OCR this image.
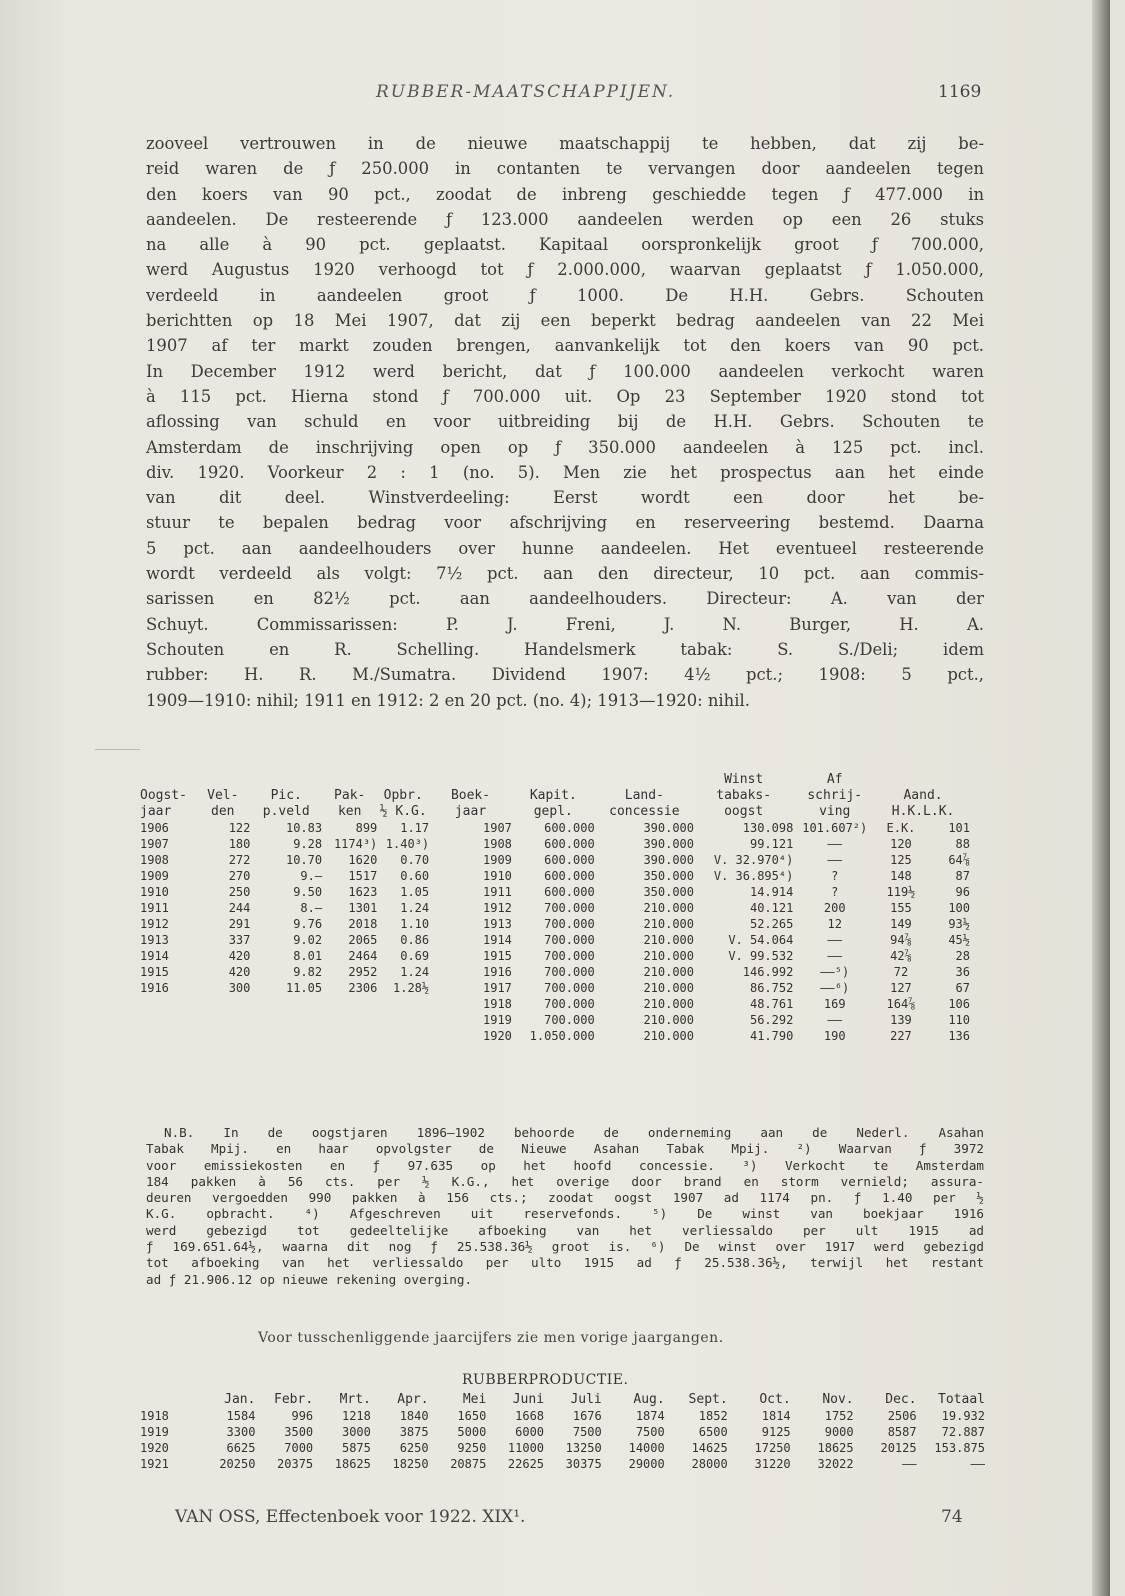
RUBBER-MAATSCHAPPIJEN.	1169
zooveel vertrouwen in de nieuwe maatschappij te hebben, dat zij be-
reid waren de ƒ 250.000 in contanten te vervangen door aandeelen tegen
den koers van 90 pct., zoodat de inbreng geschiedde tegen ƒ 477.000 in
aandeelen. De resteerende ƒ 123.000 aandeelen werden op een 26 stuks
na alle à 90 pct. geplaatst. Kapitaal oorspronkelijk groot ƒ 700.000,
werd Augustus 1920 verhoogd tot ƒ 2.000.000, waarvan geplaatst ƒ 1.050.000,
verdeeld in aandeelen groot ƒ 1000. De H.H. Gebrs. Schouten
berichtten op 18 Mei 1907, dat zij een beperkt bedrag aandeelen van 22 Mei
1907 af ter markt zouden brengen, aanvankelijk tot den koers van 90 pct.
In December 1912 werd bericht, dat ƒ 100.000 aandeelen verkocht waren
à 115 pct. Hierna stond ƒ 700.000 uit. Op 23 September 1920 stond tot
aflossing van schuld en voor uitbreiding bij de H.H. Gebrs. Schouten te
Amsterdam de inschrijving open op ƒ 350.000 aandeelen à 125 pct. incl.
div. 1920. Voorkeur 2 : 1 (no. 5). Men zie het prospectus aan het einde
van dit deel. Winstverdeeling: Eerst wordt een door het be-
stuur te bepalen bedrag voor afschrijving en reserveering bestemd. Daarna
5 pct. aan aandeelhouders over hunne aandeelen. Het eventueel resteerende
wordt verdeeld als volgt: 7½ pct. aan den directeur, 10 pct. aan commis-
sarissen en 82½ pct. aan aandeelhouders. Directeur: A. van der
Schuyt. Commissarissen: P. J. Freni, J. N. Burger, H. A.
Schouten en R. Schelling. Handelsmerk tabak: S. S./Deli; idem
rubber: H. R. M./Sumatra. Dividend 1907: 4½ pct.; 1908: 5 pct.,
1909—1910: nihil; 1911 en 1912: 2 en 20 pct. (no. 4); 1913—1920: nihil.
								Winst	Af		
Oogst-	Vel-	Pic.	Pak-	Opbr.	Boek-	Kapit.	Land-	tabaks-	schrij-	Aand.	
jaar	den	p.veld	ken	½ K.G.	jaar	gepl.	concessie	oogst	ving	H.K.L.K.	
1906	122	10.83	899	1.17	1907	600.000	390.000	130.098	101.607²)	E.K.	101
1907	180	9.28	1174³)	1.40³)	1908	600.000	390.000	99.121	——	120	88
1908	272	10.70	1620	0.70	1909	600.000	390.000	V. 32.970⁴)	——	125	64⅞
1909	270	9.—	1517	0.60	1910	600.000	350.000	V. 36.895⁴)	?	148	87
1910	250	9.50	1623	1.05	1911	600.000	350.000	14.914	?	119½	96
1911	244	8.—	1301	1.24	1912	700.000	210.000	40.121	200	155	100
1912	291	9.76	2018	1.10	1913	700.000	210.000	52.265	12	149	93½
1913	337	9.02	2065	0.86	1914	700.000	210.000	V. 54.064	——	94⅞	45½
1914	420	8.01	2464	0.69	1915	700.000	210.000	V. 99.532	——	42⅞	28
1915	420	9.82	2952	1.24	1916	700.000	210.000	146.992	——⁵)	72	36
1916	300	11.05	2306	1.28½	1917	700.000	210.000	86.752	——⁶)	127	67
					1918	700.000	210.000	48.761	169	164⅞	106
					1919	700.000	210.000	56.292	——	139	110
					1920	1.050.000	210.000	41.790	190	227	136
N.B. In de oogstjaren 1896—1902 behoorde de onderneming aan de Nederl. Asahan
Tabak Mpij. en haar opvolgster de Nieuwe Asahan Tabak Mpij. ²) Waarvan ƒ 3972
voor emissiekosten en ƒ 97.635 op het hoofd concessie. ³) Verkocht te Amsterdam
184 pakken à 56 cts. per ½ K.G., het overige door brand en storm vernield; assura-
deuren vergoedden 990 pakken à 156 cts.; zoodat oogst 1907 ad 1174 pn. ƒ 1.40 per ½
K.G. opbracht. ⁴) Afgeschreven uit reservefonds. ⁵) De winst van boekjaar 1916
werd gebezigd tot gedeeltelijke afboeking van het verliessaldo per ult 1915 ad
ƒ 169.651.64½, waarna dit nog ƒ 25.538.36½ groot is. ⁶) De winst over 1917 werd gebezigd
tot afboeking van het verliessaldo per ulto 1915 ad ƒ 25.538.36½, terwijl het restant
ad ƒ 21.906.12 op nieuwe rekening overging.
Voor tusschenliggende jaarcijfers zie men vorige jaargangen.
RUBBERPRODUCTIE.
	Jan.	Febr.	Mrt.	Apr.	Mei	Juni	Juli	Aug.	Sept.	Oct.	Nov.	Dec.	Totaal
1918	1584	996	1218	1840	1650	1668	1676	1874	1852	1814	1752	2506	19.932
1919	3300	3500	3000	3875	5000	6000	7500	7500	6500	9125	9000	8587	72.887
1920	6625	7000	5875	6250	9250	11000	13250	14000	14625	17250	18625	20125	153.875
1921	20250	20375	18625	18250	20875	22625	30375	29000	28000	31220	32022	——	——
VAN OSS, Effectenboek voor 1922. XIX¹.	74
